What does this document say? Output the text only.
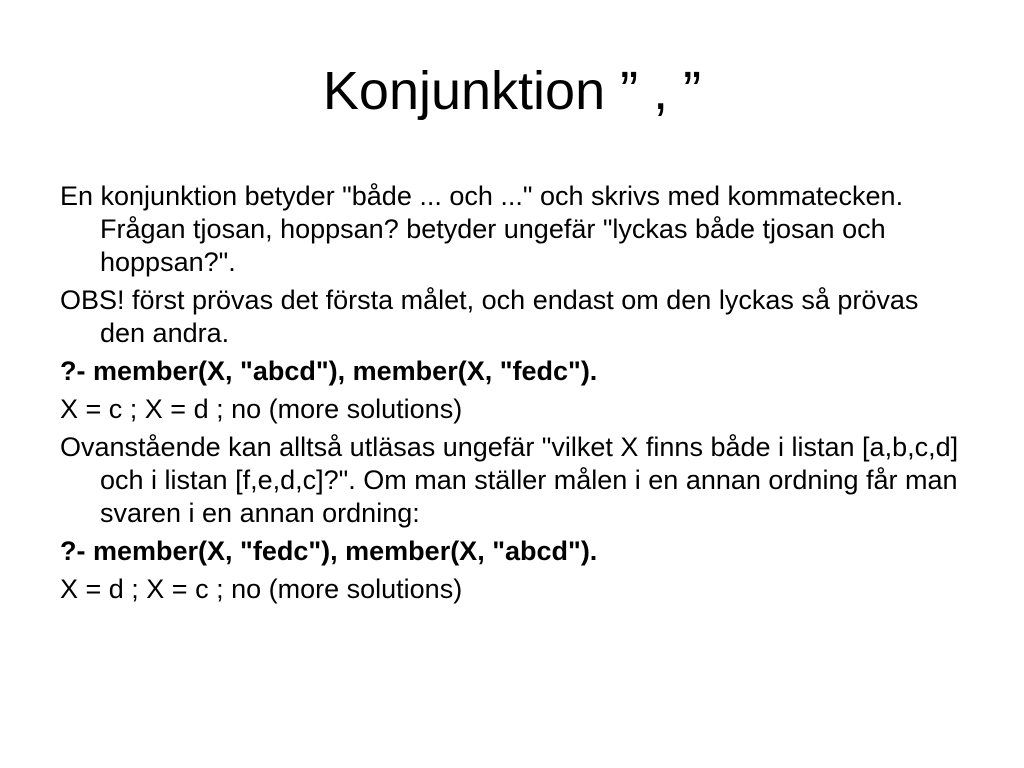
Konjunktion ” , ”

En konjunktion betyder "både ... och ..." och skrivs med kommatecken. Frågan tjosan, hoppsan? betyder ungefär "lyckas både tjosan och hoppsan?".

OBS! först prövas det första målet, och endast om den lyckas så prövas den andra.

?- member(X, "abcd"), member(X, "fedc").

X = c ; X = d ; no (more solutions)

Ovanstående kan alltså utläsas ungefär "vilket X finns både i listan [a,b,c,d] och i listan [f,e,d,c]?". Om man ställer målen i en annan ordning får man svaren i en annan ordning:

?- member(X, "fedc"), member(X, "abcd").

X = d ; X = c ; no (more solutions)
